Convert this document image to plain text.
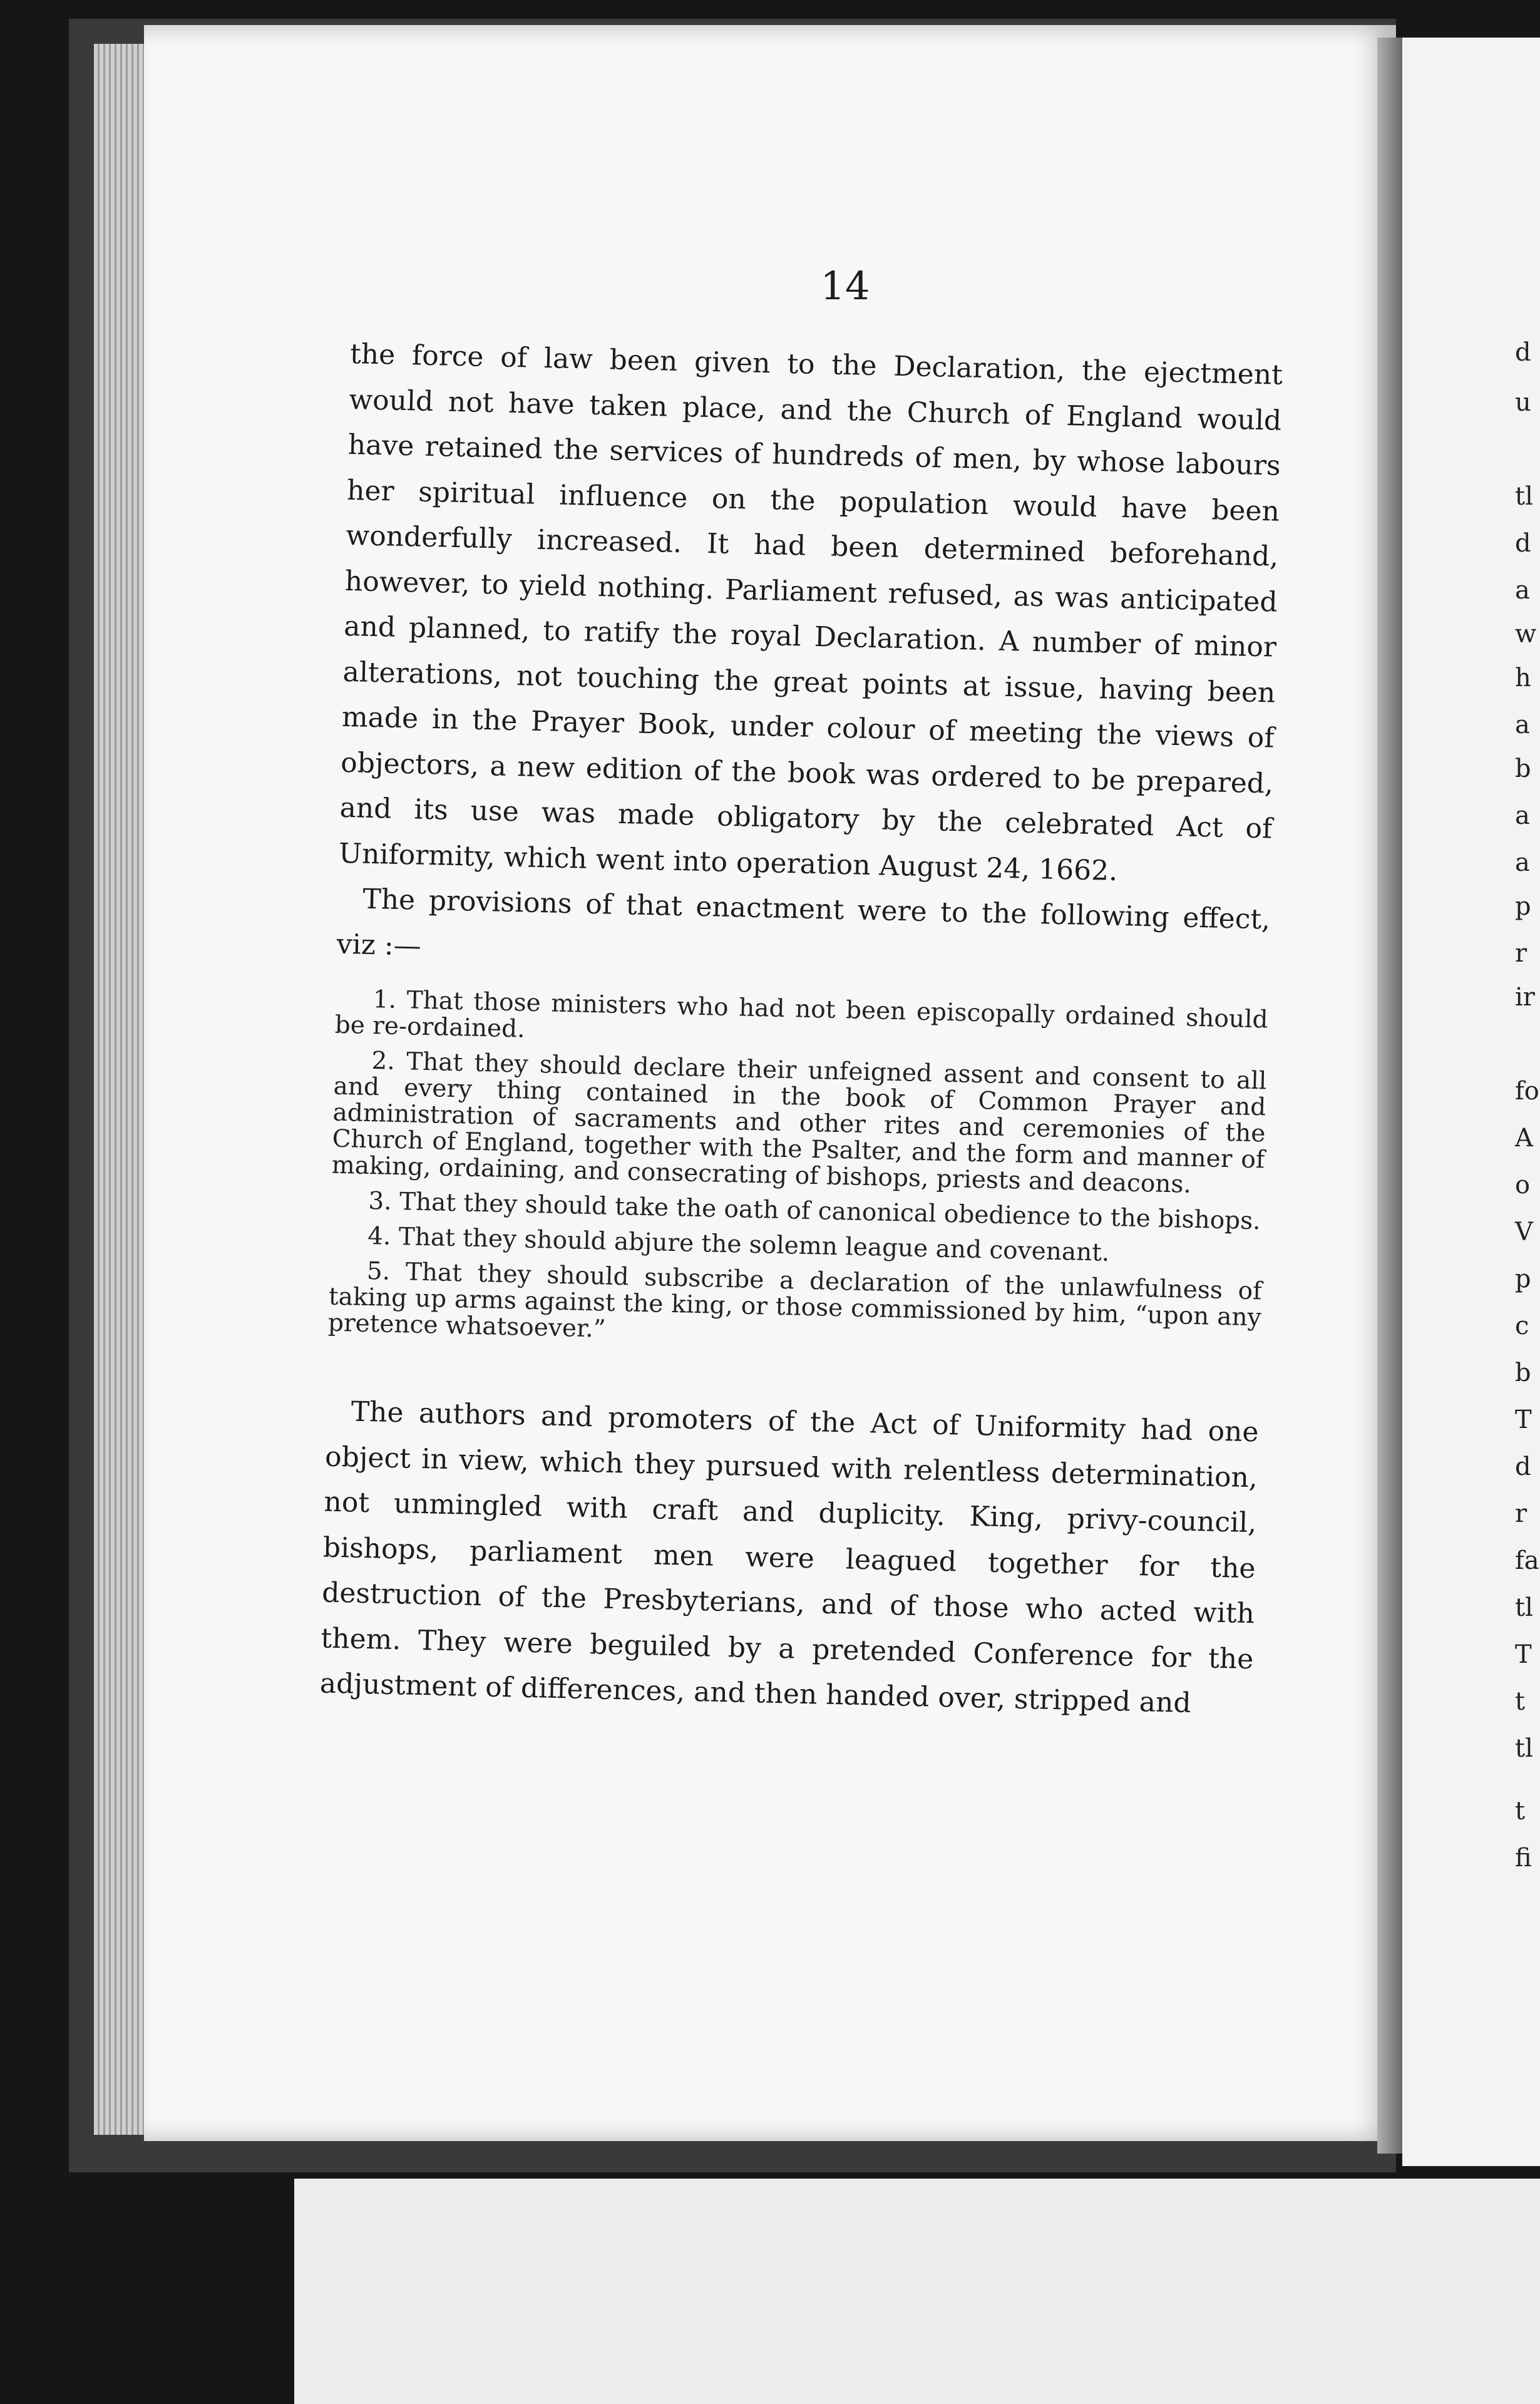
14

the force of law been given to the Declaration, the ejectment would not have taken place, and the Church of England would have retained the services of hundreds of men, by whose labours her spiritual influence on the population would have been wonderfully increased. It had been determined beforehand, however, to yield nothing. Parliament refused, as was anticipated and planned, to ratify the royal Declaration. A number of minor alterations, not touching the great points at issue, having been made in the Prayer Book, under colour of meeting the views of objectors, a new edition of the book was ordered to be prepared, and its use was made obligatory by the celebrated Act of Uniformity, which went into operation August 24, 1662.

The provisions of that enactment were to the following effect, viz :—

1. That those ministers who had not been episcopally ordained should be re-ordained.

2. That they should declare their unfeigned assent and consent to all and every thing contained in the book of Common Prayer and administration of sacraments and other rites and ceremonies of the Church of England, together with the Psalter, and the form and manner of making, ordaining, and consecrating of bishops, priests and deacons.

3. That they should take the oath of canonical obedience to the bishops.

4. That they should abjure the solemn league and covenant.

5. That they should subscribe a declaration of the unlawfulness of taking up arms against the king, or those commissioned by him, “upon any pretence whatsoever.”

The authors and promoters of the Act of Uniformity had one object in view, which they pursued with relentless determination, not unmingled with craft and duplicity. King, privy-council, bishops, parliament men were leagued together for the destruction of the Presbyterians, and of those who acted with them. They were beguiled by a pretended Conference for the adjustment of differences, and then handed over, stripped and

d
u
tl
d
a
w
h
a
b
a
a
p
r
ir
fo
A
o
V
p
c
b
T
d
r
fa
tl
T
t
tl
t
fi
